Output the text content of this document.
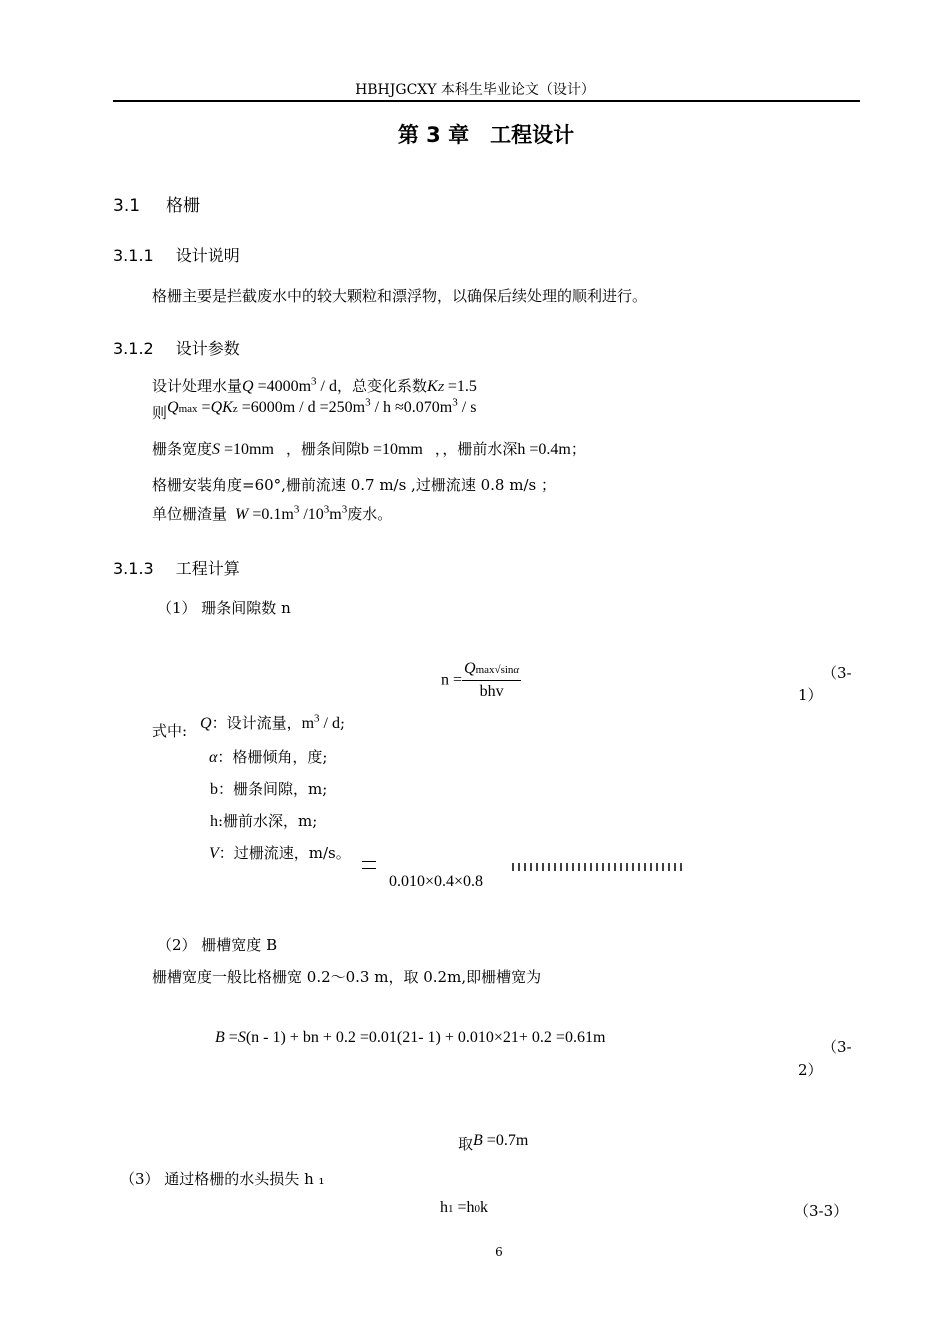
HBHJGCXY 本科生毕业论文（设计）
第 3 章　工程设计
3.1 格栅
3.1.1 设计说明
格栅主要是拦截废水中的较大颗粒和漂浮物，以确保后续处理的顺利进行。
3.1.2 设计参数
设计处理水量$Q =4000m^3 / d$，总变化系数KZ =1.5
则$Qmax =QKz =6000m / d =250m^3 / h \approx 0.070m^3 / s$
栅条宽度S =10mm ，栅条间隙b =10mm ，，栅前水深h =0.4m；
格栅安装角度=60°,栅前流速 0.7 m/s ,过栅流速 0.8 m/s ；
单位栅渣量 $W =0.1m^3$ $/10^3m^3$废水。
3.1.3 工程计算
（1） 珊条间隙数 n
$n = \frac{Qmax√\sin\alpha}{\text{bhv}}$	（3-
1）
式中: Q：设计流量，$m^3$ / d;
α：格栅倾角，度;
b：栅条间隙，m;
h:栅前水深，m;
V：过栅流速，m/s。
0.010×0.4×0.8
（2） 栅槽宽度 B
栅槽宽度一般比格栅宽 0.2～0.3 m，取 0.2m,即栅槽宽为
B =S(n - 1) + bn + 0.2 =0.01(21- 1) + 0.010×21+ 0.2 =0.61m
（3-
2）
取B =0.7m
（3） 通过格栅的水头损失 h ₁
h1 =h0k	（3-3）
6
